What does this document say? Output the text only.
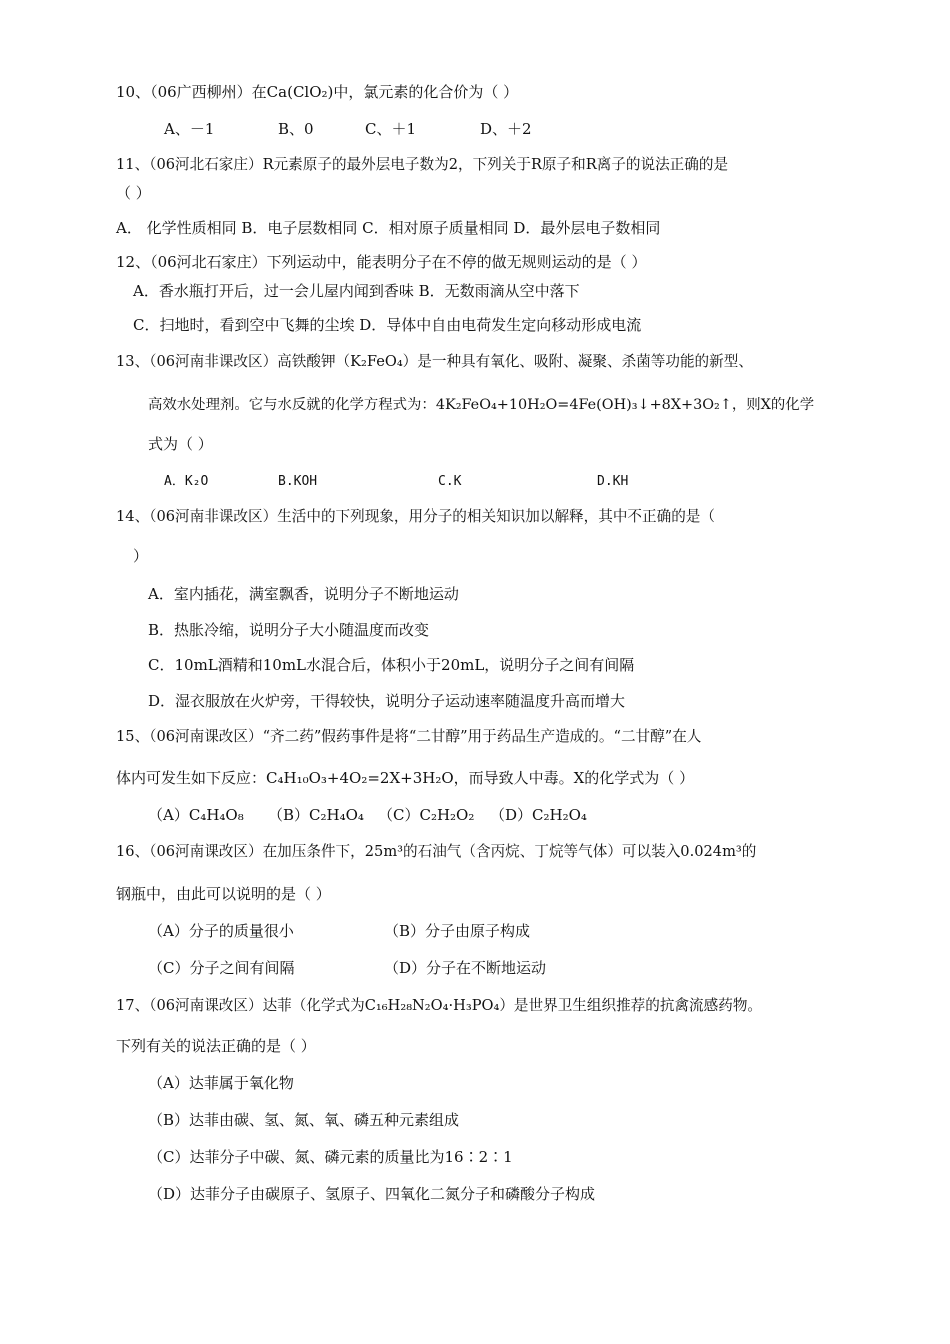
10、（06广西柳州）在Ca(ClO₂)中，氯元素的化合价为（ ）
A、－1	B、0	C、＋1	D、＋2
11、（06河北石家庄）R元素原子的最外层电子数为2，下列关于R原子和R离子的说法正确的是
（ ）
A． 化学性质相同 B．电子层数相同 C．相对原子质量相同 D．最外层电子数相同
12、（06河北石家庄）下列运动中，能表明分子在不停的做无规则运动的是（ ）
A．香水瓶打开后，过一会儿屋内闻到香味 B．无数雨滴从空中落下
C．扫地时，看到空中飞舞的尘埃 D．导体中自由电荷发生定向移动形成电流
13、（06河南非课改区）高铁酸钾（K₂FeO₄）是一种具有氧化、吸附、凝聚、杀菌等功能的新型、
高效水处理剂。它与水反就的化学方程式为：4K₂FeO₄+10H₂O=4Fe(OH)₃↓+8X+3O₂↑，则X的化学
式为（ ）
A．K₂O	B.KOH	C.K	D.KH
14、（06河南非课改区）生活中的下列现象，用分子的相关知识加以解释，其中不正确的是（
）
A．室内插花，满室飘香，说明分子不断地运动
B．热胀冷缩，说明分子大小随温度而改变
C．10mL酒精和10mL水混合后，体积小于20mL，说明分子之间有间隔
D．湿衣服放在火炉旁，干得较快，说明分子运动速率随温度升高而增大
15、（06河南课改区）“齐二药”假药事件是将“二甘醇”用于药品生产造成的。“二甘醇”在人
体内可发生如下反应：C₄H₁₀O₃+4O₂=2X+3H₂O，而导致人中毒。X的化学式为（ ）
（A）C₄H₄O₈ （B）C₂H₄O₄ （C）C₂H₂O₂ （D）C₂H₂O₄
16、（06河南课改区）在加压条件下，25m³的石油气（含丙烷、丁烷等气体）可以装入0.024m³的
钢瓶中，由此可以说明的是（ ）
（A）分子的质量很小	（B）分子由原子构成
（C）分子之间有间隔	（D）分子在不断地运动
17、（06河南课改区）达菲（化学式为C₁₆H₂₈N₂O₄·H₃PO₄）是世界卫生组织推荐的抗禽流感药物。
下列有关的说法正确的是（ ）
（A）达菲属于氧化物
（B）达菲由碳、氢、氮、氧、磷五种元素组成
（C）达菲分子中碳、氮、磷元素的质量比为16∶2∶1
（D）达菲分子由碳原子、氢原子、四氧化二氮分子和磷酸分子构成
